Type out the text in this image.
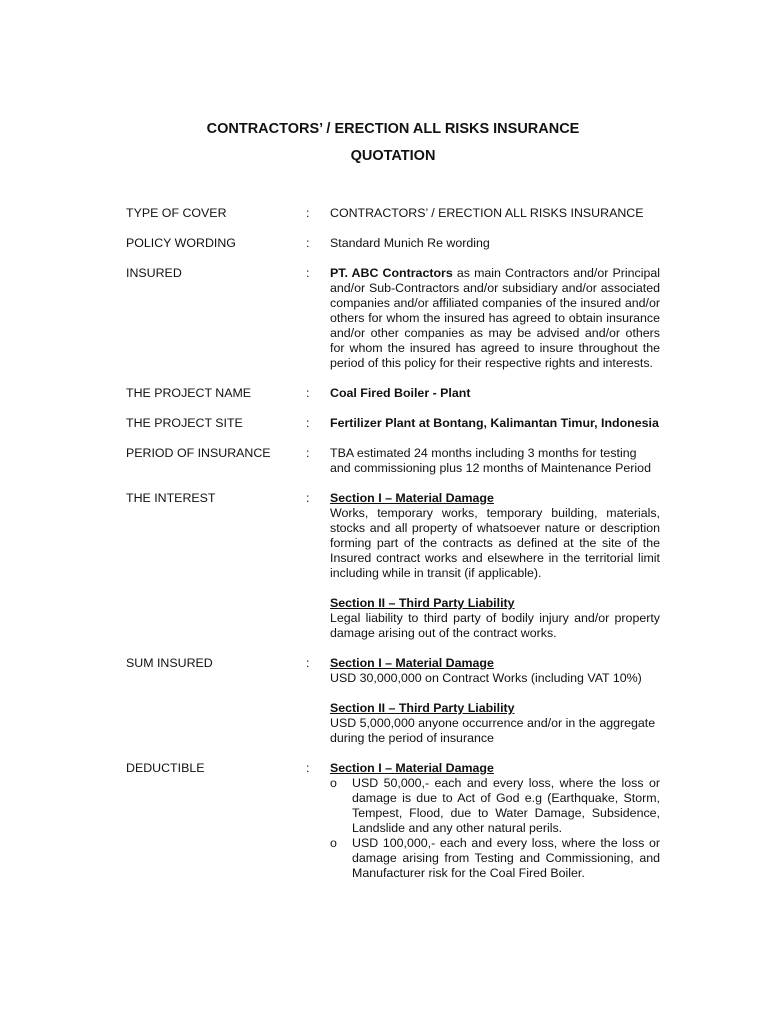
CONTRACTORS’ / ERECTION ALL RISKS INSURANCE
QUOTATION
TYPE OF COVER	:	CONTRACTORS’ / ERECTION ALL RISKS INSURANCE
POLICY WORDING	:	Standard Munich Re wording
INSURED	:	PT. ABC Contractors as main Contractors and/or Principal and/or Sub-Contractors and/or subsidiary and/or associated companies and/or affiliated companies of the insured and/or others for whom the insured has agreed to obtain insurance and/or other companies as may be advised and/or others for whom the insured has agreed to insure throughout the period of this policy for their respective rights and interests.
THE PROJECT NAME	:	Coal Fired Boiler - Plant
THE PROJECT SITE	:	Fertilizer Plant at Bontang, Kalimantan Timur, Indonesia
PERIOD OF INSURANCE	:	TBA estimated 24 months including 3 months for testing and commissioning plus 12 months of Maintenance Period
THE INTEREST	:	Section I – Material Damage
Works, temporary works, temporary building, materials, stocks and all property of whatsoever nature or description forming part of the contracts as defined at the site of the Insured contract works and elsewhere in the territorial limit including while in transit (if applicable).
Section II – Third Party Liability
Legal liability to third party of bodily injury and/or property damage arising out of the contract works.
SUM INSURED	:	Section I – Material Damage
USD 30,000,000 on Contract Works (including VAT 10%)
Section II – Third Party Liability
USD 5,000,000 anyone occurrence and/or in the aggregate during the period of insurance
DEDUCTIBLE	:	Section I – Material Damage
o	USD 50,000,- each and every loss, where the loss or damage is due to Act of God e.g (Earthquake, Storm, Tempest, Flood, due to Water Damage, Subsidence, Landslide and any other natural perils.
o	USD 100,000,- each and every loss, where the loss or damage arising from Testing and Commissioning, and Manufacturer risk for the Coal Fired Boiler.
